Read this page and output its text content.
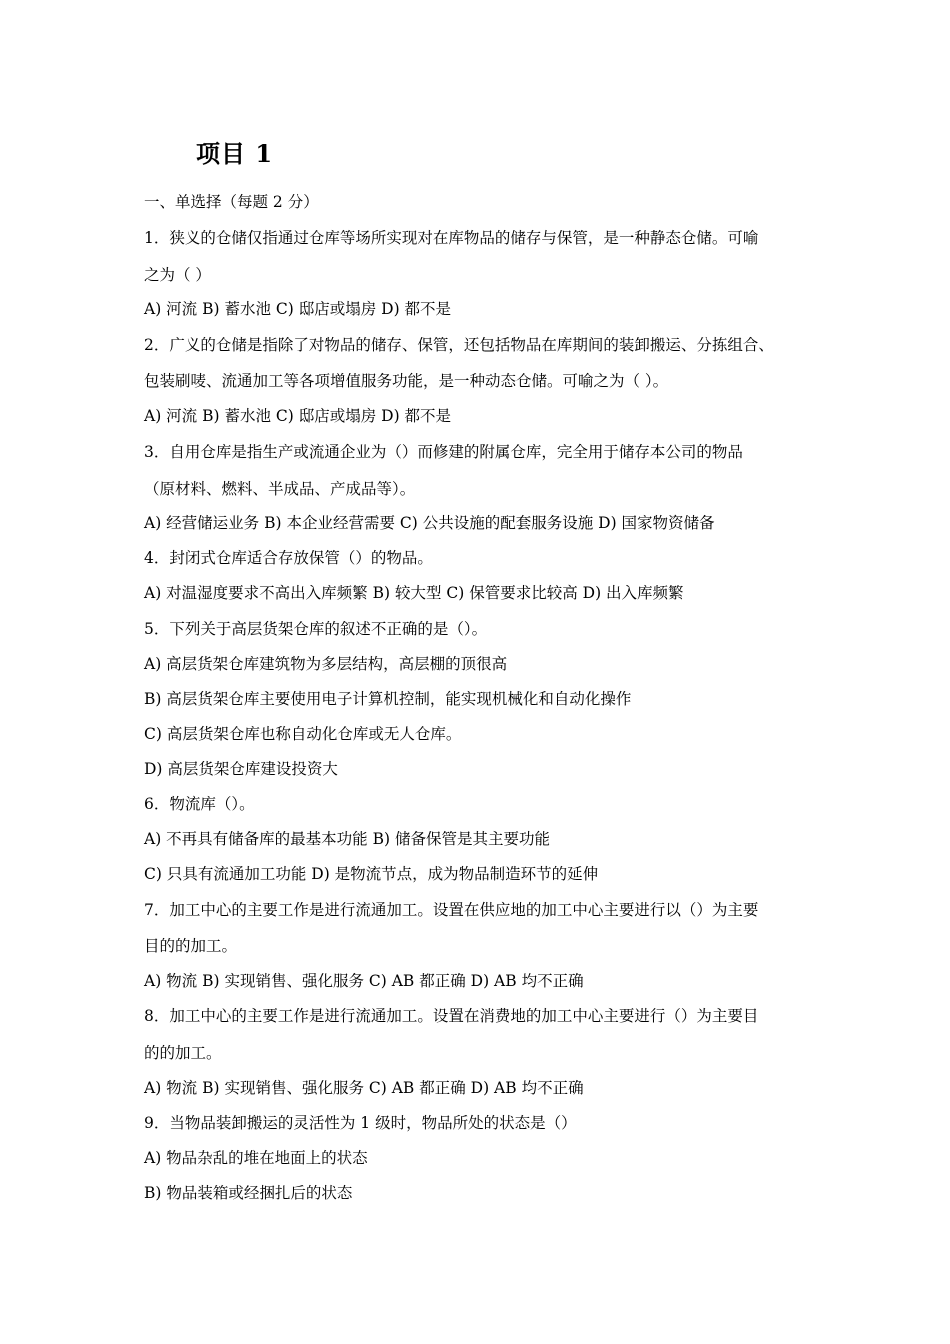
项目 1

一、单选择（每题 2 分）

1．狭义的仓储仅指通过仓库等场所实现对在库物品的储存与保管，是一种静态仓储。可喻

之为（ ）

A) 河流 B) 蓄水池 C) 邸店或塌房 D) 都不是

2．广义的仓储是指除了对物品的储存、保管，还包括物品在库期间的装卸搬运、分拣组合、

包装刷唛、流通加工等各项增值服务功能，是一种动态仓储。可喻之为（ ）。

A) 河流 B) 蓄水池 C) 邸店或塌房 D) 都不是

3．自用仓库是指生产或流通企业为（）而修建的附属仓库，完全用于储存本公司的物品

（原材料、燃料、半成品、产成品等）。

A) 经营储运业务 B) 本企业经营需要 C) 公共设施的配套服务设施 D) 国家物资储备

4．封闭式仓库适合存放保管（）的物品。

A) 对温湿度要求不高出入库频繁 B) 较大型 C) 保管要求比较高 D) 出入库频繁

5．下列关于高层货架仓库的叙述不正确的是（）。

A) 高层货架仓库建筑物为多层结构，高层棚的顶很高

B) 高层货架仓库主要使用电子计算机控制，能实现机械化和自动化操作

C) 高层货架仓库也称自动化仓库或无人仓库。

D) 高层货架仓库建设投资大

6．物流库（）。

A) 不再具有储备库的最基本功能 B) 储备保管是其主要功能

C) 只具有流通加工功能 D) 是物流节点，成为物品制造环节的延伸

7．加工中心的主要工作是进行流通加工。设置在供应地的加工中心主要进行以（）为主要

目的的加工。

A) 物流 B) 实现销售、强化服务 C) AB 都正确 D) AB 均不正确

8．加工中心的主要工作是进行流通加工。设置在消费地的加工中心主要进行（）为主要目

的的加工。

A) 物流 B) 实现销售、强化服务 C) AB 都正确 D) AB 均不正确

9．当物品装卸搬运的灵活性为 1 级时，物品所处的状态是（）

A) 物品杂乱的堆在地面上的状态

B) 物品装箱或经捆扎后的状态
